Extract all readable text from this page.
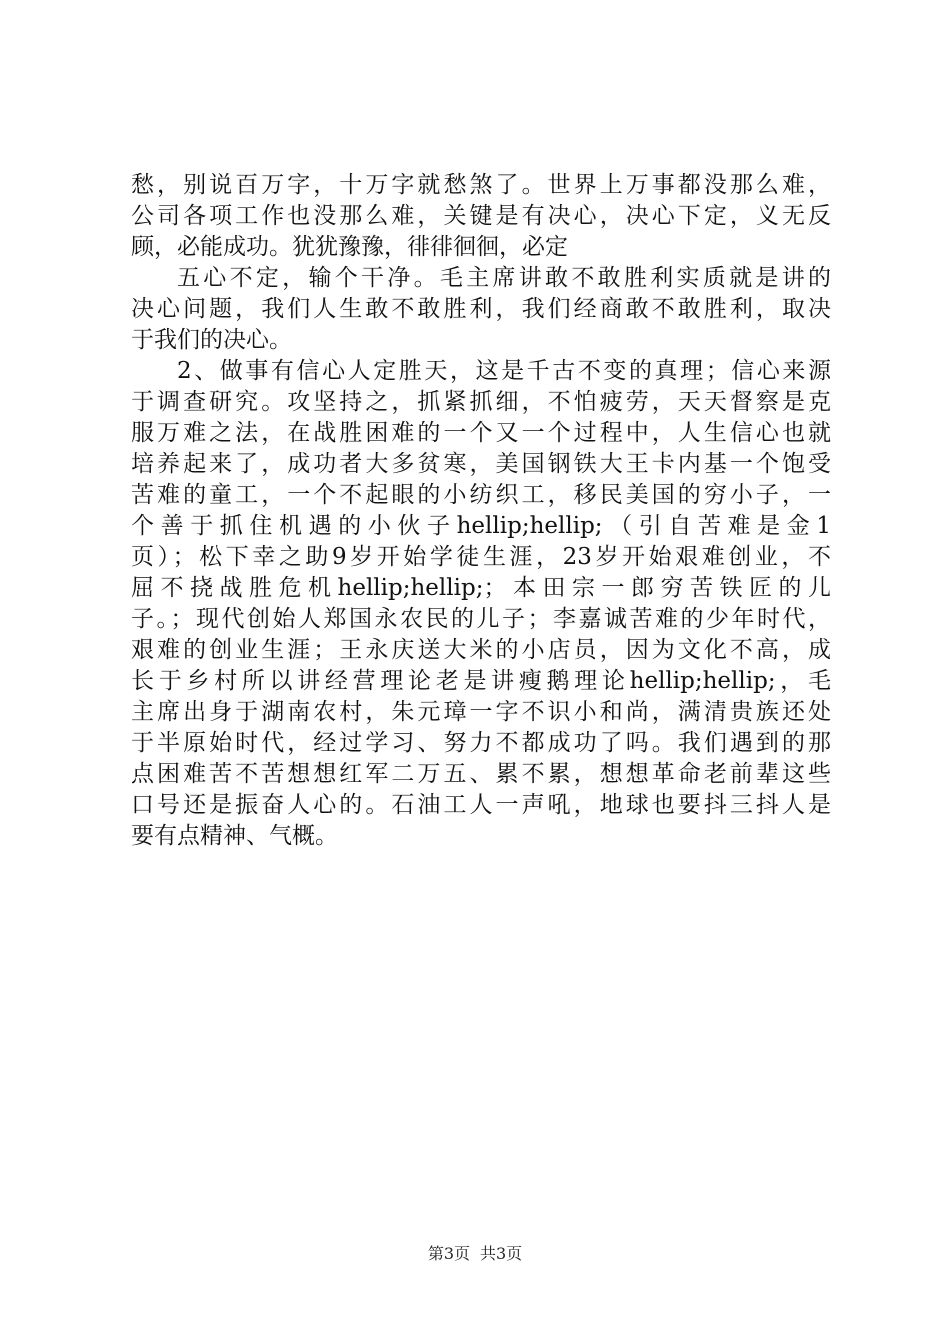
愁，别说百万字，十万字就愁煞了。世界上万事都没那么难，
公司各项工作也没那么难，关键是有决心，决心下定，义无反
顾，必能成功。犹犹豫豫，徘徘徊徊，必定
五心不定，输个干净。毛主席讲敢不敢胜利实质就是讲的
决心问题，我们人生敢不敢胜利，我们经商敢不敢胜利，取决
于我们的决心。
2、做事有信心人定胜天，这是千古不变的真理；信心来源
于调查研究。攻坚持之，抓紧抓细，不怕疲劳，天天督察是克
服万难之法，在战胜困难的一个又一个过程中，人生信心也就
培养起来了，成功者大多贫寒，美国钢铁大王卡内基一个饱受
苦难的童工，一个不起眼的小纺织工，移民美国的穷小子，一
个善于抓住机遇的小伙子hellip;hellip;（引自苦难是金1
页）；松下幸之助9岁开始学徒生涯，23岁开始艰难创业，不
屈不挠战胜危机hellip;hellip;；本田宗一郎穷苦铁匠的儿
子。；现代创始人郑国永农民的儿子；李嘉诚苦难的少年时代，
艰难的创业生涯；王永庆送大米的小店员，因为文化不高，成
长于乡村所以讲经营理论老是讲瘦鹅理论hellip;hellip;，毛
主席出身于湖南农村，朱元璋一字不识小和尚，满清贵族还处
于半原始时代，经过学习、努力不都成功了吗。我们遇到的那
点困难苦不苦想想红军二万五、累不累，想想革命老前辈这些
口号还是振奋人心的。石油工人一声吼，地球也要抖三抖人是
要有点精神、气概。
第3页 共3页
